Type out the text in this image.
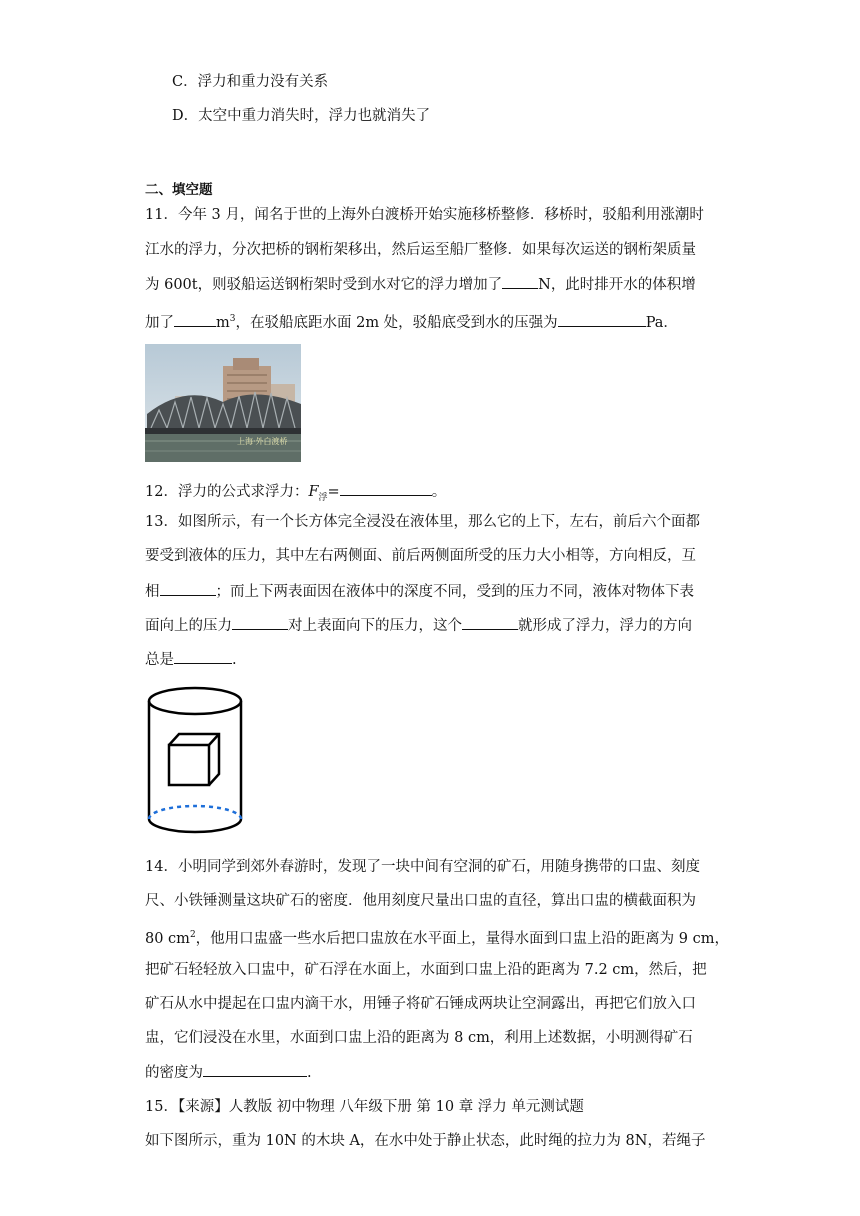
C．浮力和重力没有关系
D．太空中重力消失时，浮力也就消失了
二、填空题
11．今年 3 月，闻名于世的上海外白渡桥开始实施移桥整修．移桥时，驳船利用涨潮时
江水的浮力，分次把桥的钢桁架移出，然后运至船厂整修．如果每次运送的钢桁架质量
为 600t，则驳船运送钢桁架时受到水对它的浮力增加了 N，此时排开水的体积增
加了	$m^3$，在驳船底距水面 2m 处，驳船底受到水的压强为	Pa．
上海·外白渡桥
12．浮力的公式求浮力：$F_浮=$	。
13．如图所示，有一个长方体完全浸没在液体里，那么它的上下，左右，前后六个面都
要受到液体的压力，其中左右两侧面、前后两侧面所受的压力大小相等，方向相反，互
相	；而上下两表面因在液体中的深度不同，受到的压力不同，液体对物体下表
面向上的压力	对上表面向下的压力，这个	就形成了浮力，浮力的方向
总是	.
14．小明同学到郊外春游时，发现了一块中间有空洞的矿石，用随身携带的口盅、刻度
尺、小铁锤测量这块矿石的密度．他用刻度尺量出口盅的直径，算出口盅的横截面积为
80 $cm^2$，他用口盅盛一些水后把口盅放在水平面上，量得水面到口盅上沿的距离为 9 cm，
把矿石轻轻放入口盅中，矿石浮在水面上，水面到口盅上沿的距离为 7.2 cm，然后，把
矿石从水中提起在口盅内滴干水，用锤子将矿石锤成两块让空洞露出，再把它们放入口
盅，它们浸没在水里，水面到口盅上沿的距离为 8 cm，利用上述数据，小明测得矿石
的密度为	.
15．【来源】人教版 初中物理 八年级下册 第 10 章 浮力 单元测试题
如下图所示，重为 10N 的木块 A，在水中处于静止状态，此时绳的拉力为 8N，若绳子
